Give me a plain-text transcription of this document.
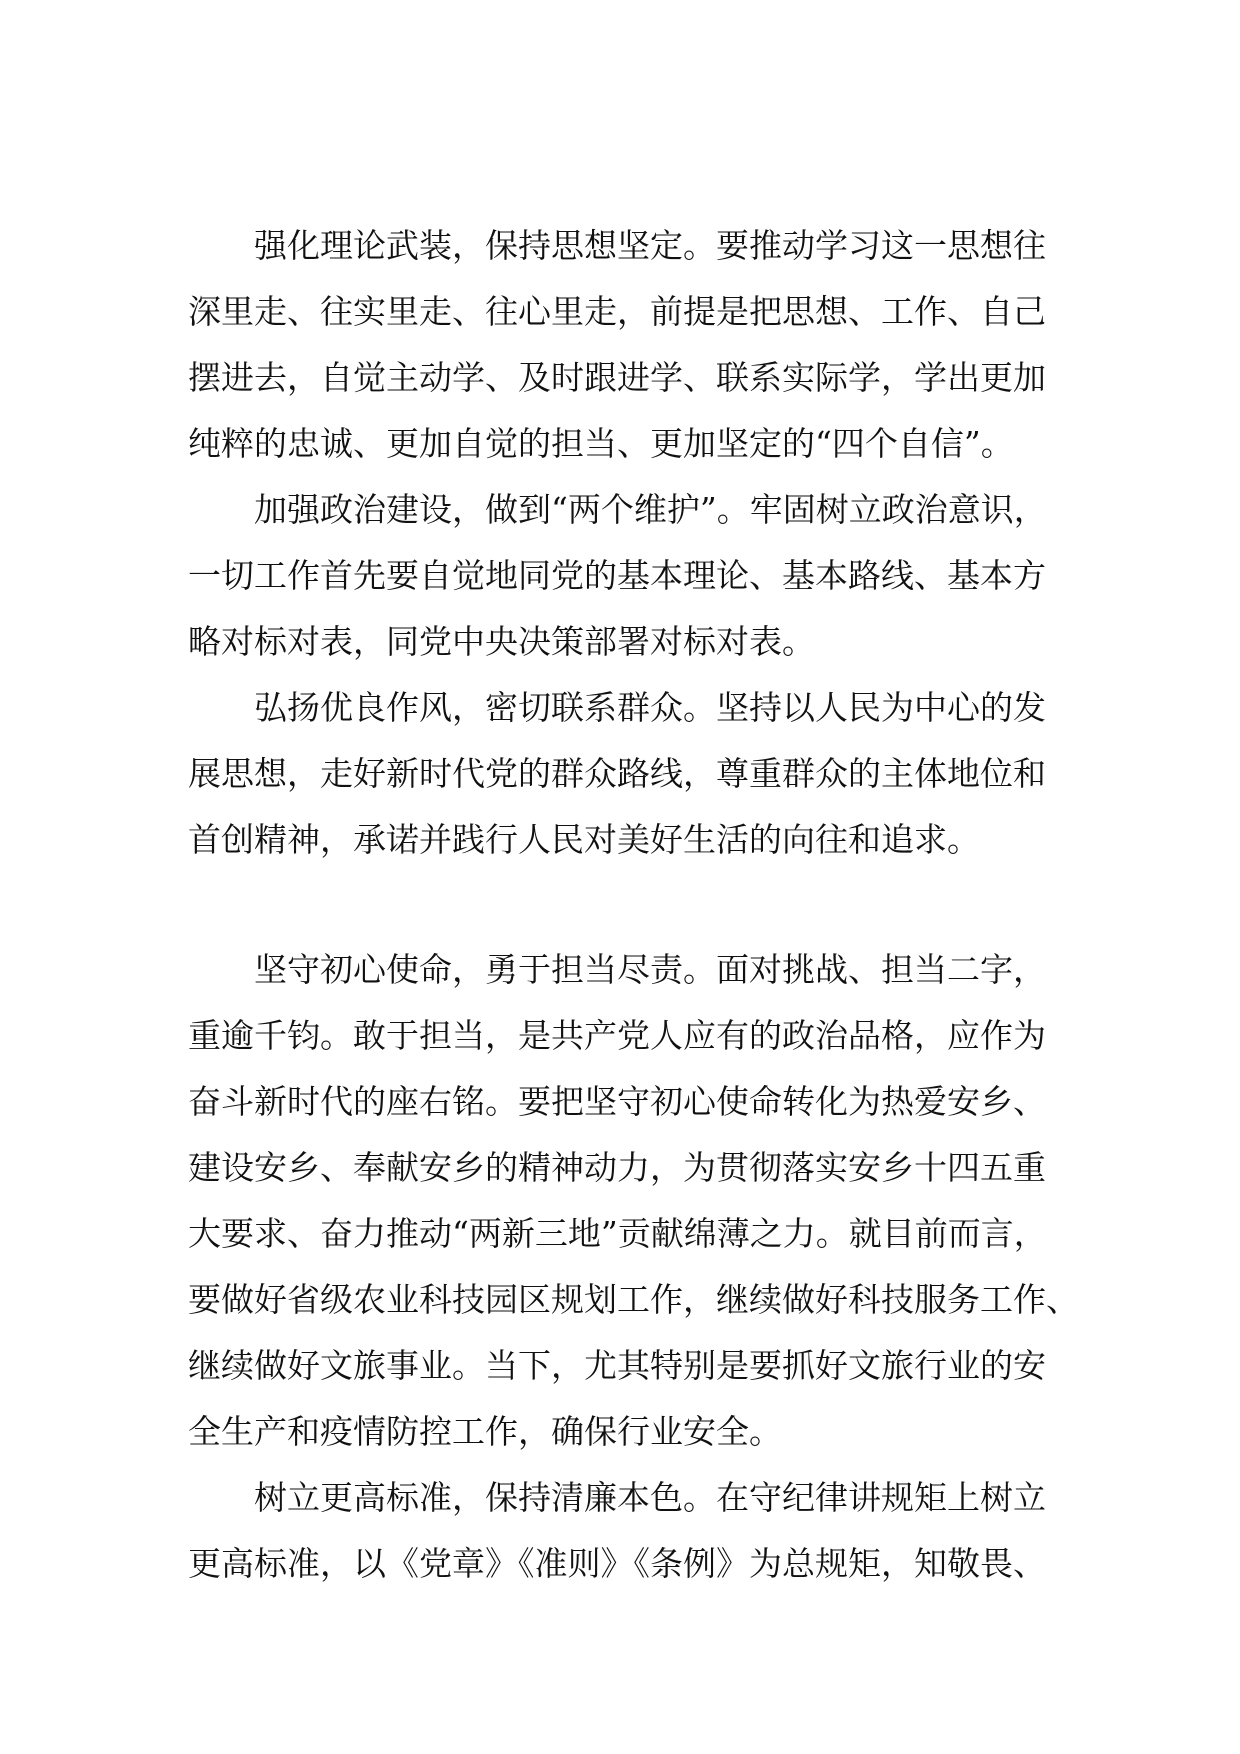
强化理论武装，保持思想坚定。要推动学习这一思想往
深里走、往实里走、往心里走，前提是把思想、工作、自己
摆进去，自觉主动学、及时跟进学、联系实际学，学出更加
纯粹的忠诚、更加自觉的担当、更加坚定的“四个自信”。
加强政治建设，做到“两个维护”。牢固树立政治意识，
一切工作首先要自觉地同党的基本理论、基本路线、基本方
略对标对表，同党中央决策部署对标对表。
弘扬优良作风，密切联系群众。坚持以人民为中心的发
展思想，走好新时代党的群众路线，尊重群众的主体地位和
首创精神，承诺并践行人民对美好生活的向往和追求。
坚守初心使命，勇于担当尽责。面对挑战、担当二字，
重逾千钧。敢于担当，是共产党人应有的政治品格，应作为
奋斗新时代的座右铭。要把坚守初心使命转化为热爱安乡、
建设安乡、奉献安乡的精神动力，为贯彻落实安乡十四五重
大要求、奋力推动“两新三地”贡献绵薄之力。就目前而言，
要做好省级农业科技园区规划工作，继续做好科技服务工作、
继续做好文旅事业。当下，尤其特别是要抓好文旅行业的安
全生产和疫情防控工作，确保行业安全。
树立更高标准，保持清廉本色。在守纪律讲规矩上树立
更高标准，以《党章》《准则》《条例》为总规矩，知敬畏、
